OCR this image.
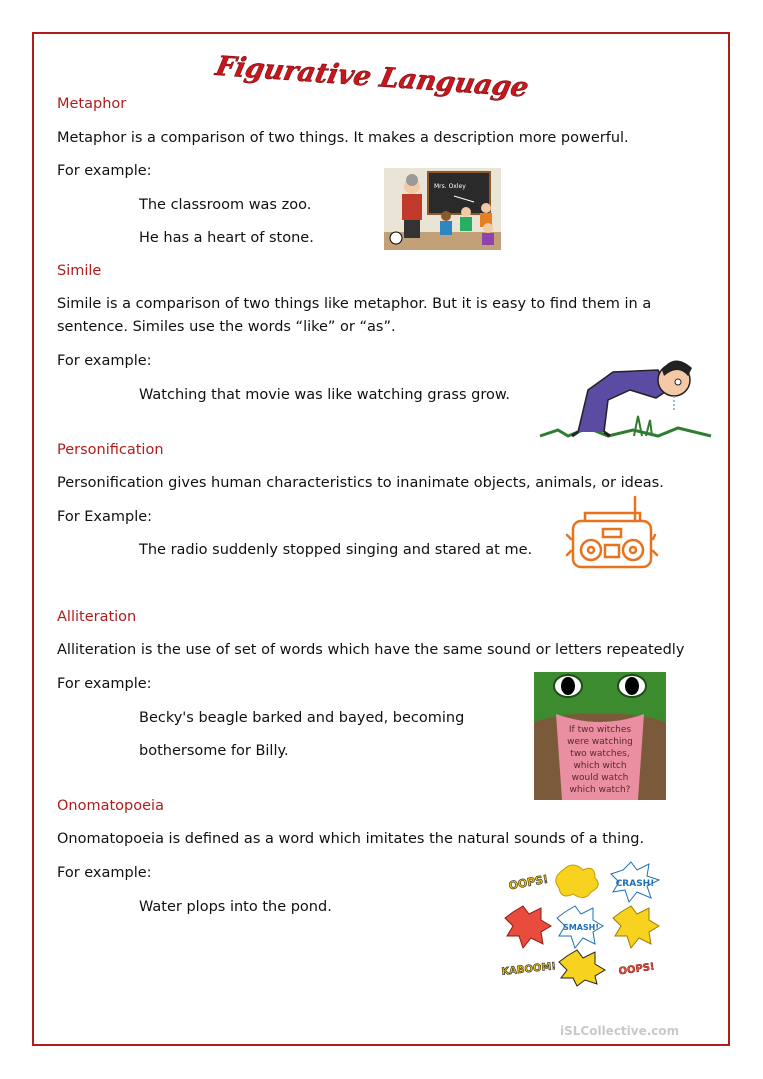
Figurative Language
Metaphor
Metaphor is a comparison of two things. It makes a description more powerful.
For example:
The classroom was zoo.
He has a heart of stone.
Mrs. Oxley
Simile
Simile is a comparison of two things like metaphor. But it is easy to find them in a sentence. Similes use the words “like” or “as”.
For example:
Watching that movie was like watching grass grow.
Personification
Personification gives human characteristics to inanimate objects, animals, or ideas.
For Example:
The radio suddenly stopped singing and stared at me.
Alliteration
Alliteration is the use of set of words which have the same sound or letters repeatedly
For example:
Becky's beagle barked and bayed, becoming
bothersome for Billy.
If two witches
were watching
two watches,
which witch
would watch
which watch?
Onomatopoeia
Onomatopoeia is defined as a word which imitates the natural sounds of a thing.
For example:
Water plops into the pond.
OOPS!	CRASH!
SMASH!
KABOOM!	OOPS!
iSLCollective.com
